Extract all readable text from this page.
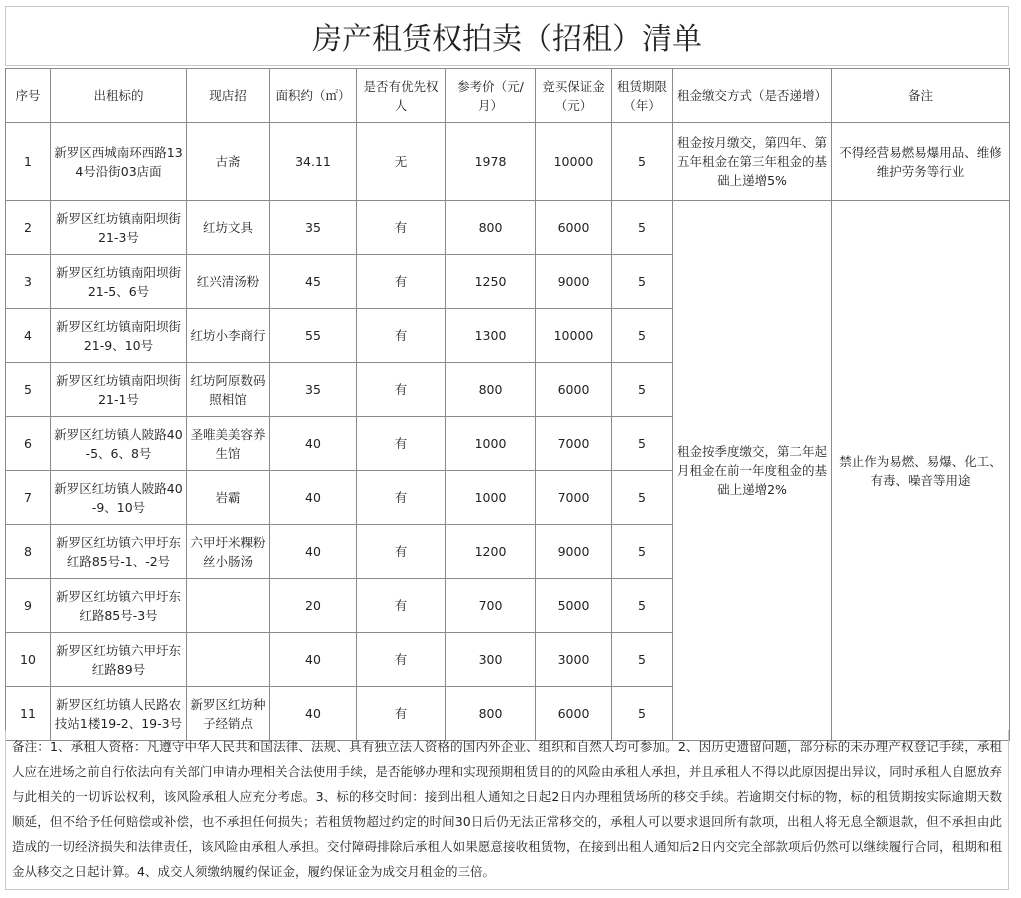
房产租赁权拍卖（招租）清单
序号	出租标的	现店招	面积约（㎡）	是否有优先权人	参考价（元/月）	竞买保证金（元）	租赁期限（年）	租金缴交方式（是否递增）	备注
1	新罗区西城南环西路134号沿街03店面	古斋	34.11	无	1978	10000	5	租金按月缴交，第四年、第五年租金在第三年租金的基础上递增5%	不得经营易燃易爆用品、维修维护劳务等行业
2	新罗区红坊镇南阳坝街21-3号	红坊文具	35	有	800	6000	5	租金按季度缴交，第二年起月租金在前一年度租金的基础上递增2%	禁止作为易燃、易爆、化工、有毒、噪音等用途
3	新罗区红坊镇南阳坝街21-5、6号	红兴清汤粉	45	有	1250	9000	5		
4	新罗区红坊镇南阳坝街21-9、10号	红坊小李商行	55	有	1300	10000	5		
5	新罗区红坊镇南阳坝街21-1号	红坊阿原数码照相馆	35	有	800	6000	5		
6	新罗区红坊镇人陂路40-5、6、8号	圣唯美美容养生馆	40	有	1000	7000	5		
7	新罗区红坊镇人陂路40-9、10号	岩霸	40	有	1000	7000	5		
8	新罗区红坊镇六甲圩东红路85号-1、-2号	六甲圩米粿粉丝小肠汤	40	有	1200	9000	5		
9	新罗区红坊镇六甲圩东红路85号-3号		20	有	700	5000	5		
10	新罗区红坊镇六甲圩东红路89号		40	有	300	3000	5		
11	新罗区红坊镇人民路农技站1楼19-2、19-3号	新罗区红坊种子经销点	40	有	800	6000	5		
备注：1、承租人资格：凡遵守中华人民共和国法律、法规、具有独立法人资格的国内外企业、组织和自然人均可参加。2、因历史遗留问题，部分标的未办理产权登记手续，承租人应在进场之前自行依法向有关部门申请办理相关合法使用手续，是否能够办理和实现预期租赁目的的风险由承租人承担，并且承租人不得以此原因提出异议，同时承租人自愿放弃与此相关的一切诉讼权利，该风险承租人应充分考虑。3、标的移交时间：接到出租人通知之日起2日内办理租赁场所的移交手续。若逾期交付标的物，标的租赁期按实际逾期天数顺延，但不给予任何赔偿或补偿，也不承担任何损失；若租赁物超过约定的时间30日后仍无法正常移交的，承租人可以要求退回所有款项，出租人将无息全额退款，但不承担由此造成的一切经济损失和法律责任，该风险由承租人承担。交付障碍排除后承租人如果愿意接收租赁物，在接到出租人通知后2日内交完全部款项后仍然可以继续履行合同，租期和租金从移交之日起计算。4、成交人须缴纳履约保证金，履约保证金为成交月租金的三倍。
